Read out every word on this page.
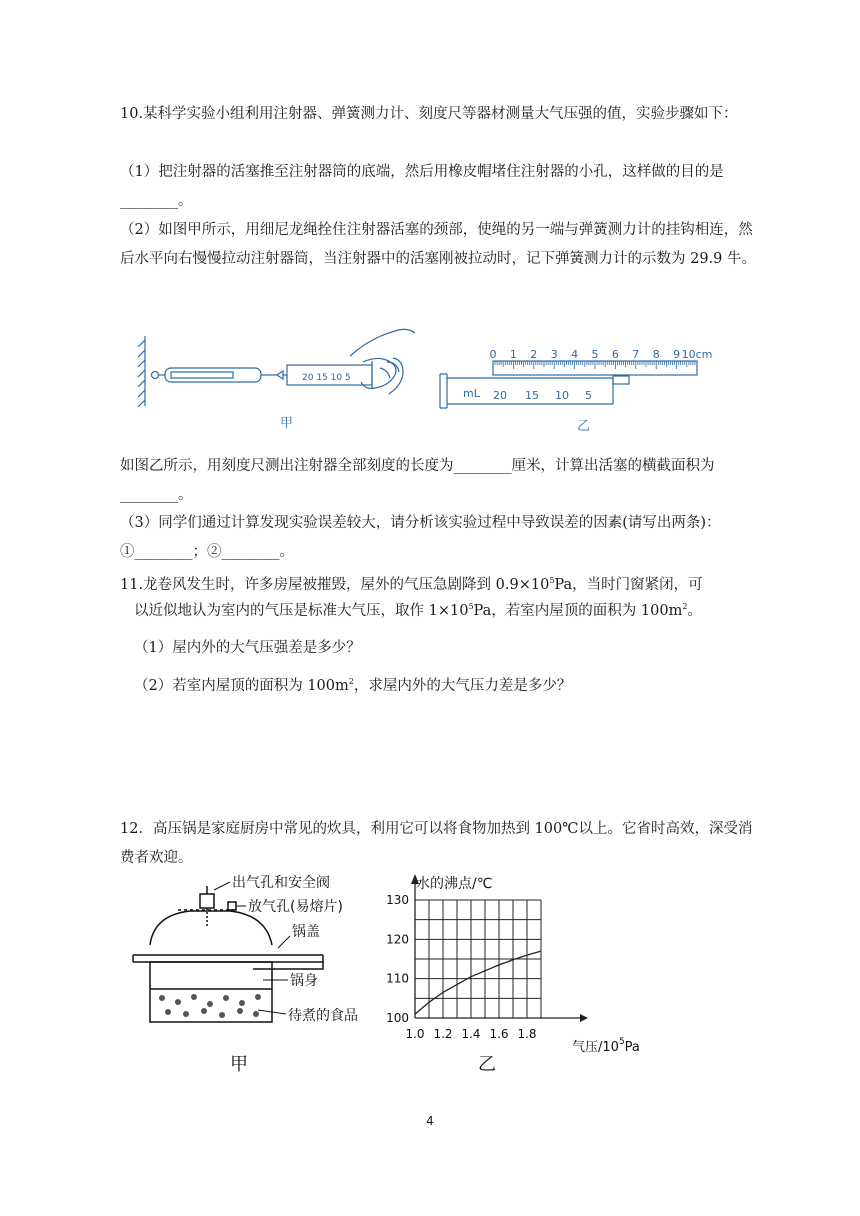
10.某科学实验小组利用注射器、弹簧测力计、刻度尺等器材测量大气压强的值，实验步骤如下：

（1）把注射器的活塞推至注射器筒的底端，然后用橡皮帽堵住注射器的小孔，这样做的目的是________。

（2）如图甲所示，用细尼龙绳拴住注射器活塞的颈部，使绳的另一端与弹簧测力计的挂钩相连，然后水平向右慢慢拉动注射器筒，当注射器中的活塞刚被拉动时，记下弹簧测力计的示数为 29.9 牛。

20 15 10 5
甲
0 1 2 3 4 5 6 7 8 9 10cm
mL 20 15 10 5
乙

如图乙所示，用刻度尺测出注射器全部刻度的长度为________厘米，计算出活塞的横截面积为________。

（3）同学们通过计算发现实验误差较大，请分析该实验过程中导致误差的因素(请写出两条)：①________；②________。

11.龙卷风发生时，许多房屋被摧毁，屋外的气压急剧降到 $0.9\times 10^5Pa$，当时门窗紧闭，可

以近似地认为室内的气压是标准大气压，取作 $1\times 10^5Pa$，若室内屋顶的面积为 $100m^2$。

（1）屋内外的大气压强差是多少？

（2）若室内屋顶的面积为 $100m^2$，求屋内外的大气压力差是多少？

12．高压锅是家庭厨房中常见的炊具，利用它可以将食物加热到 100℃以上。它省时高效，深受消费者欢迎。

出气孔和安全阀
放气孔(易熔片)
锅盖
锅身
待煮的食品
甲
1.0 1.2 1.4 1.6 1.8
100
110
120
130
水的沸点/℃
气压$/10^5Pa$
乙
4
